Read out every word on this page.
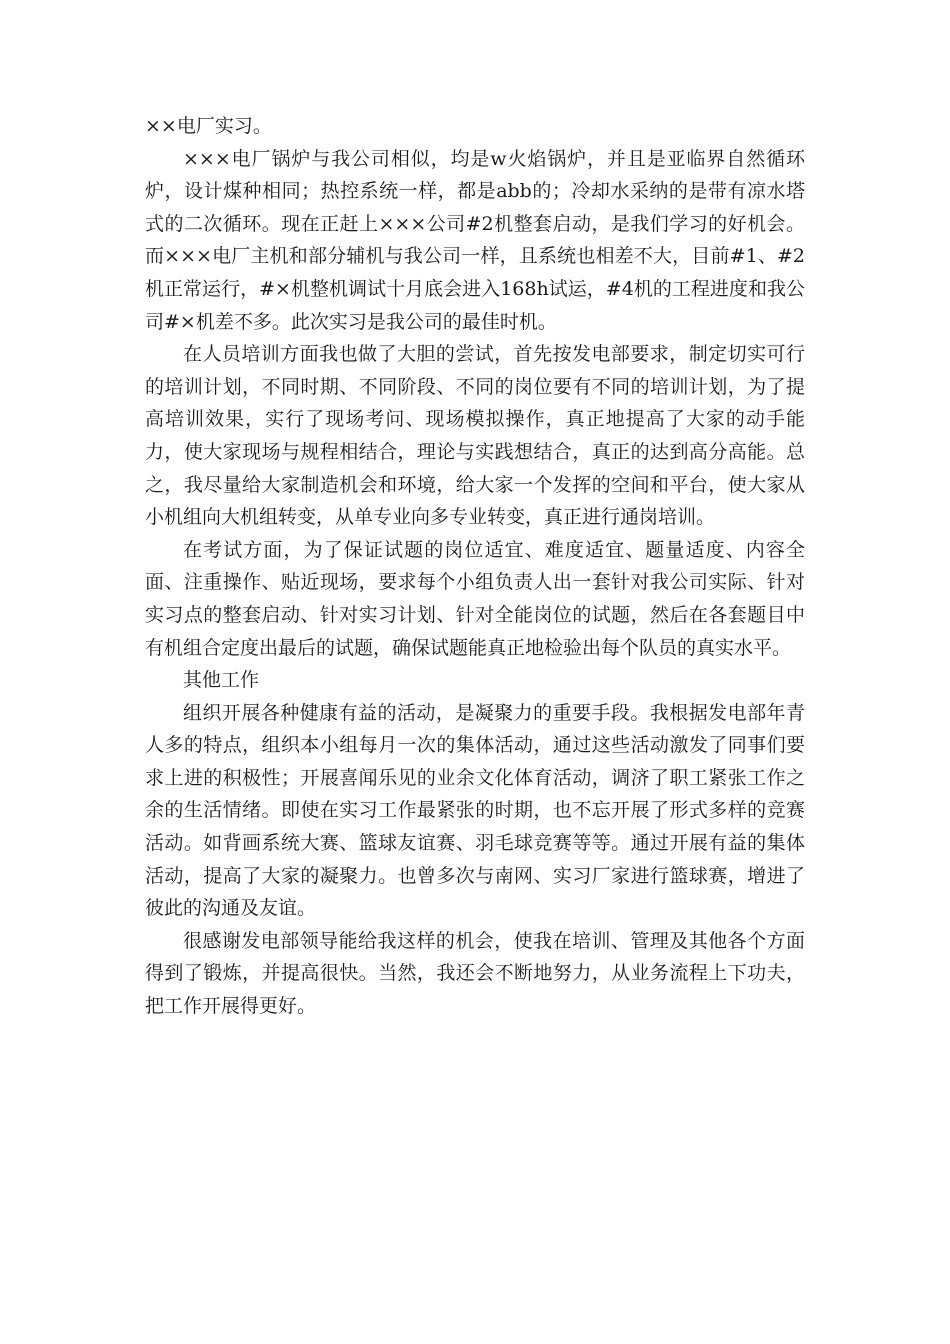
××电厂实习。

×××电厂锅炉与我公司相似，均是w火焰锅炉，并且是亚临界自然循环炉，设计煤种相同；热控系统一样，都是abb的；冷却水采纳的是带有凉水塔式的二次循环。现在正赶上×××公司#2机整套启动，是我们学习的好机会。而×××电厂主机和部分辅机与我公司一样，且系统也相差不大，目前#1、#2机正常运行，#×机整机调试十月底会进入168h试运，#4机的工程进度和我公司#×机差不多。此次实习是我公司的最佳时机。

在人员培训方面我也做了大胆的尝试，首先按发电部要求，制定切实可行的培训计划，不同时期、不同阶段、不同的岗位要有不同的培训计划，为了提高培训效果，实行了现场考问、现场模拟操作，真正地提高了大家的动手能力，使大家现场与规程相结合，理论与实践想结合，真正的达到高分高能。总之，我尽量给大家制造机会和环境，给大家一个发挥的空间和平台，使大家从小机组向大机组转变，从单专业向多专业转变，真正进行通岗培训。

在考试方面，为了保证试题的岗位适宜、难度适宜、题量适度、内容全面、注重操作、贴近现场，要求每个小组负责人出一套针对我公司实际、针对实习点的整套启动、针对实习计划、针对全能岗位的试题，然后在各套题目中有机组合定度出最后的试题，确保试题能真正地检验出每个队员的真实水平。

其他工作

组织开展各种健康有益的活动，是凝聚力的重要手段。我根据发电部年青人多的特点，组织本小组每月一次的集体活动，通过这些活动激发了同事们要求上进的积极性；开展喜闻乐见的业余文化体育活动，调济了职工紧张工作之余的生活情绪。即使在实习工作最紧张的时期，也不忘开展了形式多样的竞赛活动。如背画系统大赛、篮球友谊赛、羽毛球竞赛等等。通过开展有益的集体活动，提高了大家的凝聚力。也曾多次与南网、实习厂家进行篮球赛，增进了彼此的沟通及友谊。

很感谢发电部领导能给我这样的机会，使我在培训、管理及其他各个方面得到了锻炼，并提高很快。当然，我还会不断地努力，从业务流程上下功夫，把工作开展得更好。
